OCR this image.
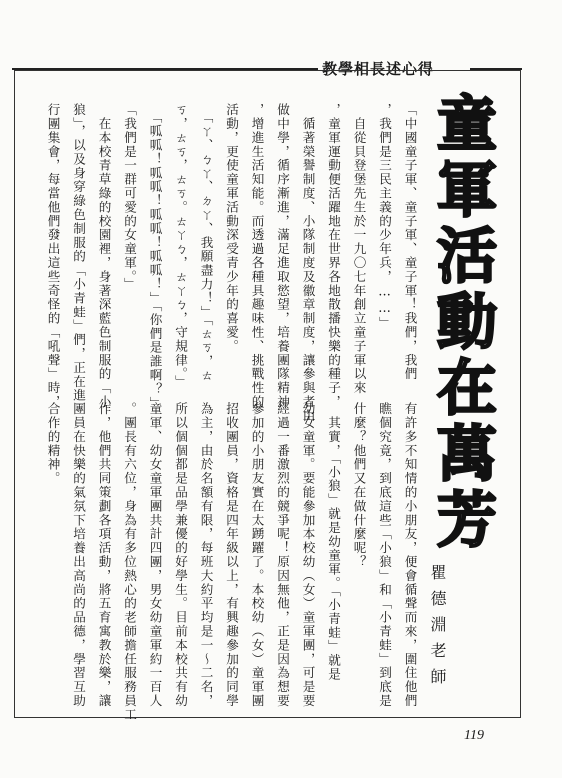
教學相長述心得
「中國童子軍、童子軍、童子軍！我們，我們
，我們是三民主義的少年兵，……」
　自從貝登堡先生於一九〇七年創立童子軍以來
，童軍運動便活躍地在世界各地散播快樂的種子，
　循著榮譽制度、小隊制度及徽章制度，讓參與者由
做中學，循序漸進，滿足進取慾望，培養團隊精神
，增進生活知能。而透過各種具趣味性、挑戰性的
活動，更使童軍活動深受青少年的喜愛。
　「ㄚ、ㄅㄚ、ㄉㄚ、我願盡力！」「ㄊㄎ，ㄊ
ㄎ，ㄊㄎ，ㄊㄎ。ㄊㄚㄅ，ㄊㄚㄅ，守規律。」
　「呱呱！呱呱！呱呱！呱呱！」「你們是誰啊？」
「我們是一群可愛的女童軍。」
　在本校青草綠的校園裡，身著深藍色制服的「小
狼」，以及身穿綠色制服的「小青蛙」們，正在進
行團集會，每當他們發出這些奇怪的「吼聲」時，
有許多不知情的小朋友，便會循聲而來，圍住他們
瞧個究竟，到底這些「小狼」和「小青蛙」到底是
什麼？他們又在做什麼呢？
　其實，「小狼」就是幼童軍。「小青蛙」就是
幼女童軍。要能參加本校幼（女）童軍團，可是要
經過一番激烈的競爭呢！原因無他，正是因為想要
參加的小朋友實在太踴躍了。本校幼（女）童軍團
招收團員，資格是四年級以上，有興趣參加的同學
為主，由於名額有限，每班大約平均是一～二名，
所以個個都是品學兼優的好學生。目前本校共有幼
童軍、幼女童軍團共計四團，男女幼童軍約一百人
。團長有六位，身為有多位熱心的老師擔任服務員工
作，他們共同策劃各項活動，將五育寓教於樂，讓
團員在快樂的氣氛下培養出高尚的品德，學習互助
合作的精神。	童軍活動在萬芳
瞿德淵老師
119
